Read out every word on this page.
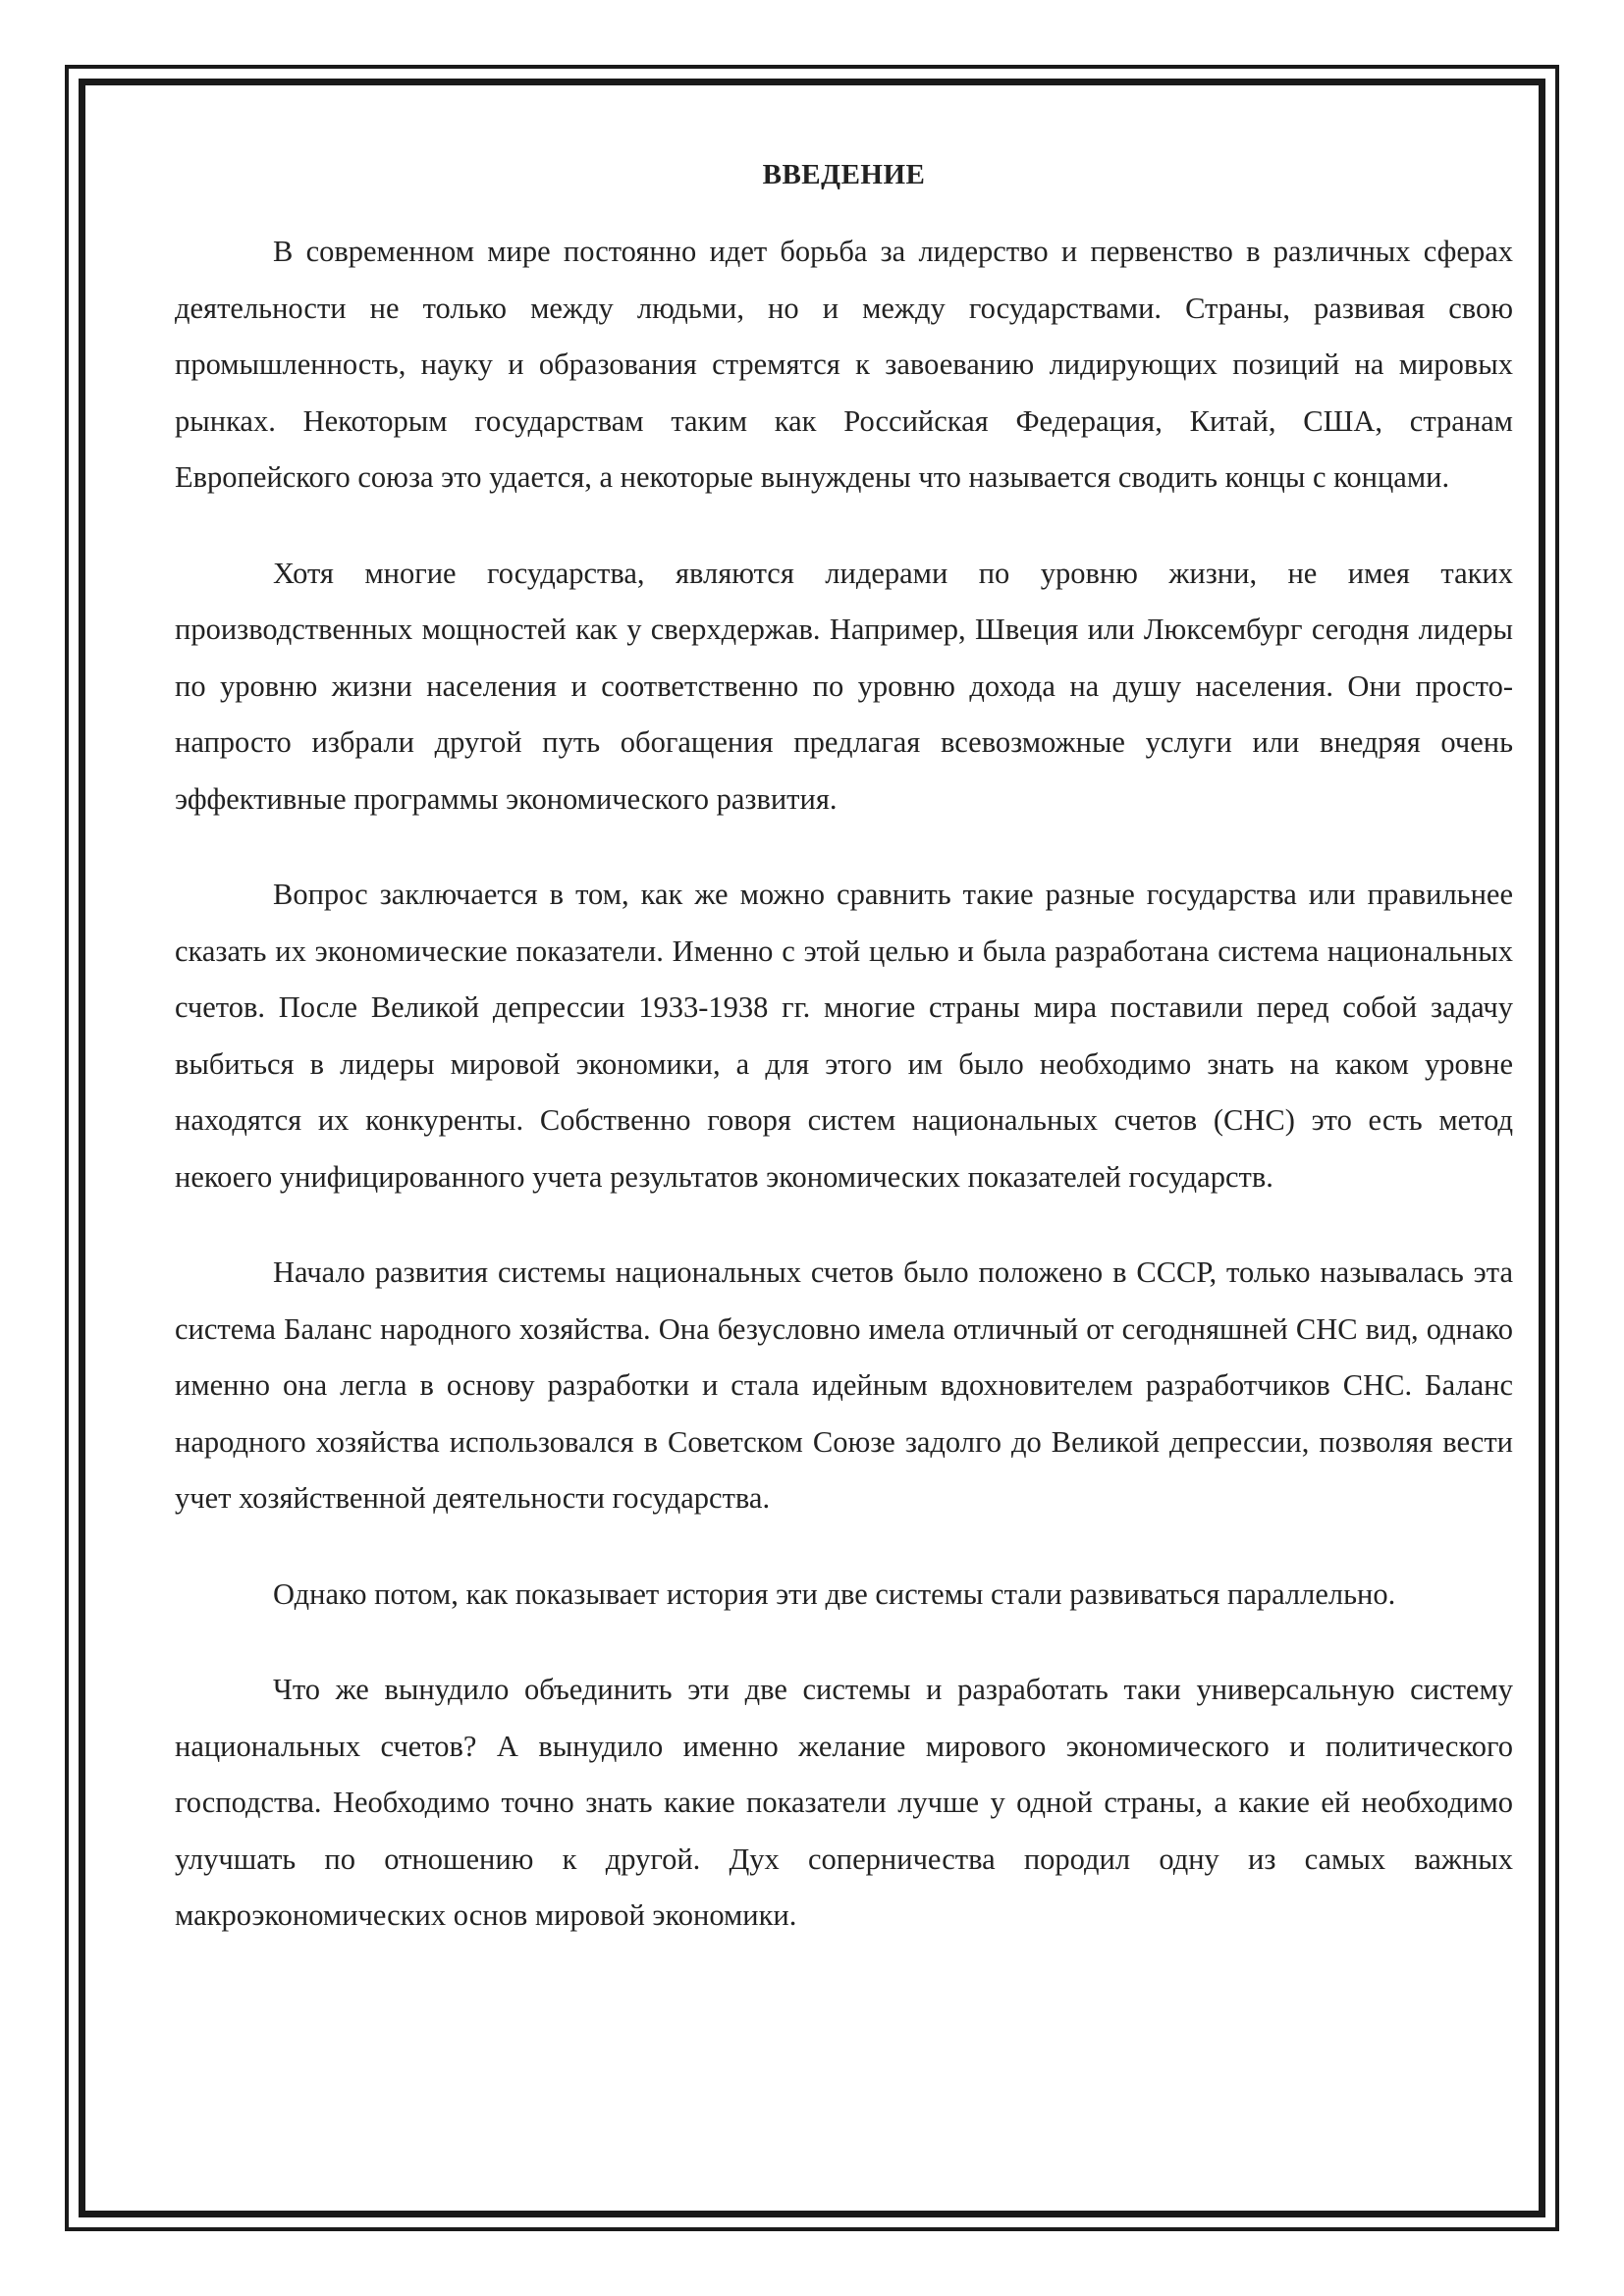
ВВЕДЕНИЕ

В современном мире постоянно идет борьба за лидерство и первенство в различных сферах деятельности не только между людьми, но и между государствами. Страны, развивая свою промышленность, науку и образования стремятся к завоеванию лидирующих позиций на мировых рынках. Некоторым государствам таким как Российская Федерация, Китай, США, странам Европейского союза это удается, а некоторые вынуждены что называется сводить концы с концами.

Хотя многие государства, являются лидерами по уровню жизни, не имея таких производственных мощностей как у сверхдержав. Например, Швеция или Люксембург сегодня лидеры по уровню жизни населения и соответственно по уровню дохода на душу населения. Они просто-напросто избрали другой путь обогащения предлагая всевозможные услуги или внедряя очень эффективные программы экономического развития.

Вопрос заключается в том, как же можно сравнить такие разные государства или правильнее сказать их экономические показатели. Именно с этой целью и была разработана система национальных счетов. После Великой депрессии 1933-1938 гг. многие страны мира поставили перед собой задачу выбиться в лидеры мировой экономики, а для этого им было необходимо знать на каком уровне находятся их конкуренты. Собственно говоря систем национальных счетов (СНС) это есть метод некоего унифицированного учета результатов экономических показателей государств.

Начало развития системы национальных счетов было положено в СССР, только называлась эта система Баланс народного хозяйства. Она безусловно имела отличный от сегодняшней СНС вид, однако именно она легла в основу разработки и стала идейным вдохновителем разработчиков СНС. Баланс народного хозяйства использовался в Советском Союзе задолго до Великой депрессии, позволяя вести учет хозяйственной деятельности государства.

Однако потом, как показывает история эти две системы стали развиваться параллельно.

Что же вынудило объединить эти две системы и разработать таки универсальную систему национальных счетов? А вынудило именно желание мирового экономического и политического господства. Необходимо точно знать какие показатели лучше у одной страны, а какие ей необходимо улучшать по отношению к другой. Дух соперничества породил одну из самых важных макроэкономических основ мировой экономики.
